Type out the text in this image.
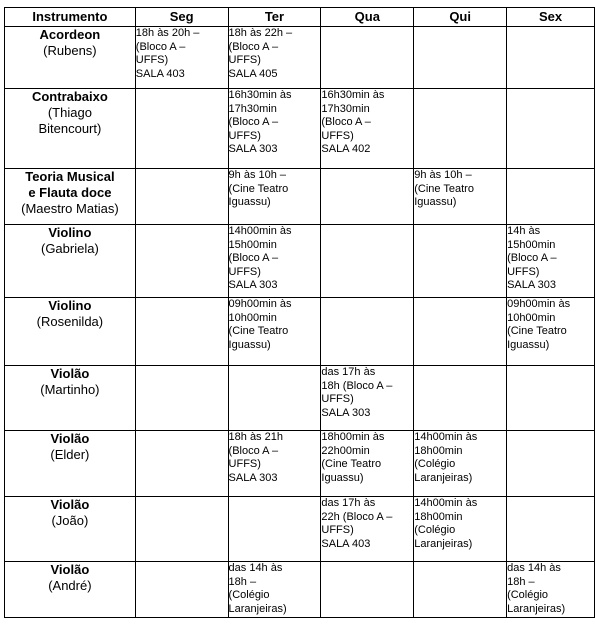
Instrumento	Seg	Ter	Qua	Qui	Sex

Acordeon
(Rubens)	18h às 20h –
(Bloco A –
UFFS)
SALA 403	18h às 22h –
(Bloco A –
UFFS)
SALA 405			

Contrabaixo
(Thiago
Bitencourt)		16h30min às
17h30min
(Bloco A –
UFFS)
SALA 303	16h30min às
17h30min
(Bloco A –
UFFS)
SALA 402		

Teoria Musical
e Flauta doce
(Maestro Matias)		9h às 10h –
(Cine Teatro
Iguassu)		9h às 10h –
(Cine Teatro
Iguassu)	

Violino
(Gabriela)		14h00min às
15h00min
(Bloco A –
UFFS)
SALA 303			14h às
15h00min
(Bloco A –
UFFS)
SALA 303

Violino
(Rosenilda)		09h00min às
10h00min
(Cine Teatro
Iguassu)			09h00min às
10h00min
(Cine Teatro
Iguassu)

Violão
(Martinho)			das 17h às
18h (Bloco A –
UFFS)
SALA 303		

Violão
(Elder)		18h às 21h
(Bloco A –
UFFS)
SALA 303	18h00min às
22h00min
(Cine Teatro
Iguassu)	14h00min às
18h00min
(Colégio
Laranjeiras)	

Violão
(João)			das 17h às
22h (Bloco A –
UFFS)
SALA 403	14h00min às
18h00min
(Colégio
Laranjeiras)	

Violão
(André)		das 14h às
18h –
(Colégio
Laranjeiras)			das 14h às
18h –
(Colégio
Laranjeiras)
